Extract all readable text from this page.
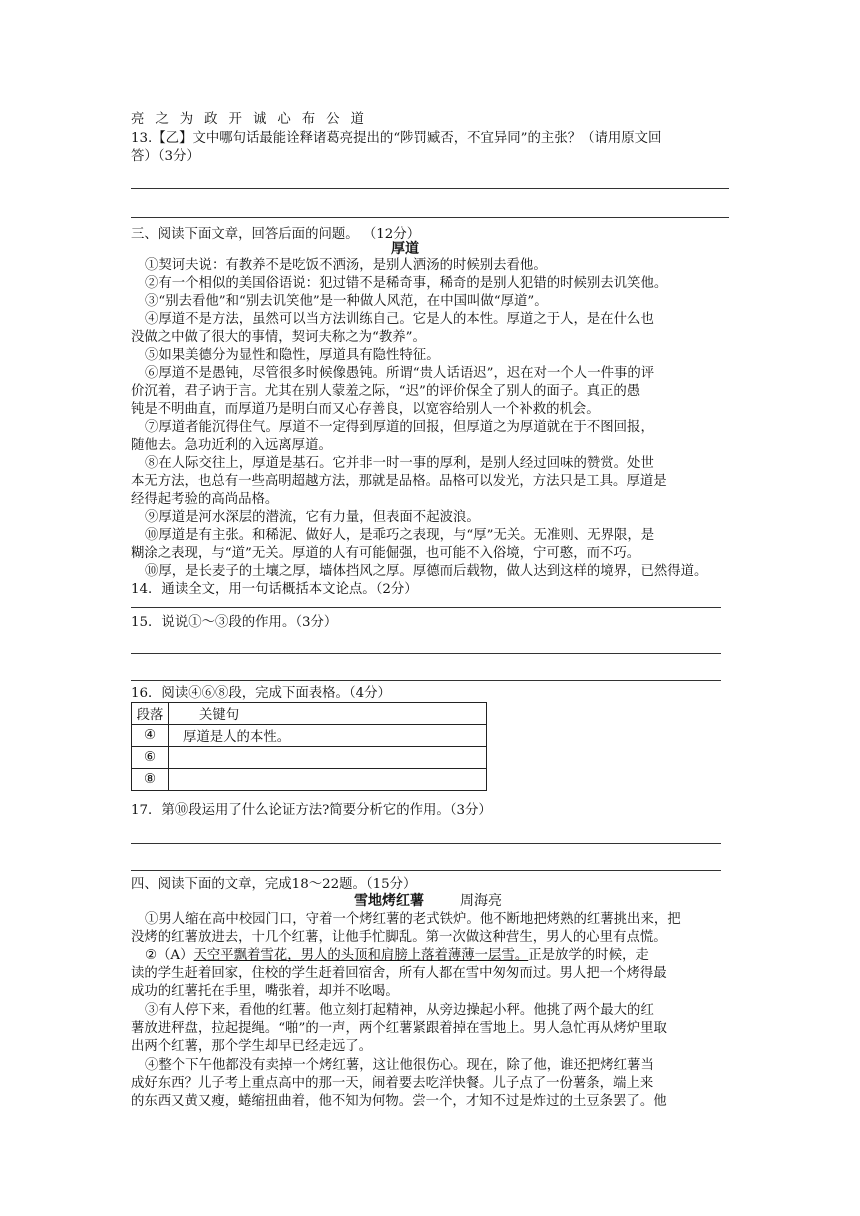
亮之为政开诚心布公道
13.【乙】文中哪句话最能诠释诸葛亮提出的“陟罚臧否，不宜异同”的主张？（请用原文回
答）（3分）
三、阅读下面文章，回答后面的问题。 （12分）
厚道
①契诃夫说：有教养不是吃饭不洒汤，是别人洒汤的时候别去看他。
②有一个相似的美国俗语说：犯过错不是稀奇事，稀奇的是别人犯错的时候别去讥笑他。
③“别去看他”和“别去讥笑他”是一种做人风范，在中国叫做“厚道”。
④厚道不是方法，虽然可以当方法训练自己。它是人的本性。厚道之于人，是在什么也
没做之中做了很大的事情，契诃夫称之为“教养”。
⑤如果美德分为显性和隐性，厚道具有隐性特征。
⑥厚道不是愚钝，尽管很多时候像愚钝。所谓“贵人话语迟”，迟在对一个人一件事的评
价沉着，君子讷于言。尤其在别人蒙羞之际，“迟”的评价保全了别人的面子。真正的愚
钝是不明曲直，而厚道乃是明白而又心存善良，以宽容给别人一个补救的机会。
⑦厚道者能沉得住气。厚道不一定得到厚道的回报，但厚道之为厚道就在于不图回报，
随他去。急功近利的入远离厚道。
⑧在人际交往上，厚道是基石。它并非一时一事的厚利，是别人经过回味的赞赏。处世
本无方法，也总有一些高明超越方法，那就是品格。品格可以发光，方法只是工具。厚道是
经得起考验的高尚品格。
⑨厚道是河水深层的潜流，它有力量，但表面不起波浪。
⑩厚道是有主张。和稀泥、做好人，是乖巧之表现，与“厚”无关。无准则、无界限，是
糊涂之表现，与“道”无关。厚道的人有可能倔强，也可能不入俗境，宁可憨，而不巧。
⑩厚，是长麦子的土壤之厚，墙体挡风之厚。厚德而后载物，做人达到这样的境界，已然得道。
14．通读全文，用一句话概括本文论点。（2分）
15．说说①～③段的作用。（3分）
16．阅读④⑥⑧段，完成下面表格。（4分）
段落	关键句
④	厚道是人的本性。
⑥	
⑧	
17．第⑩段运用了什么论证方法?简要分析它的作用。（3分）
四、阅读下面的文章，完成18～22题。（15分）
雪地烤红薯	周海亮
①男人缩在高中校园门口，守着一个烤红薯的老式铁炉。他不断地把烤熟的红薯挑出来，把
没烤的红薯放进去，十几个红薯，让他手忙脚乱。第一次做这种营生，男人的心里有点慌。
②（A）天空平飘着雪花，男人的头顶和肩膀上落着薄薄一层雪。正是放学的时候，走
读的学生赶着回家，住校的学生赶着回宿舍，所有人都在雪中匆匆而过。男人把一个烤得最
成功的红薯托在手里，嘴张着，却并不吆喝。
③有人停下来，看他的红薯。他立刻打起精神，从旁边操起小秤。他挑了两个最大的红
薯放进秤盘，拉起提绳。“啪”的一声，两个红薯紧跟着掉在雪地上。男人急忙再从烤炉里取
出两个红薯，那个学生却早已经走远了。
④整个下午他都没有卖掉一个烤红薯，这让他很伤心。现在，除了他，谁还把烤红薯当
成好东西？儿子考上重点高中的那一天，闹着要去吃洋快餐。儿子点了一份薯条，端上来
的东西又黄又瘦，蜷缩扭曲着，他不知为何物。尝一个，才知不过是炸过的土豆条罢了。他
